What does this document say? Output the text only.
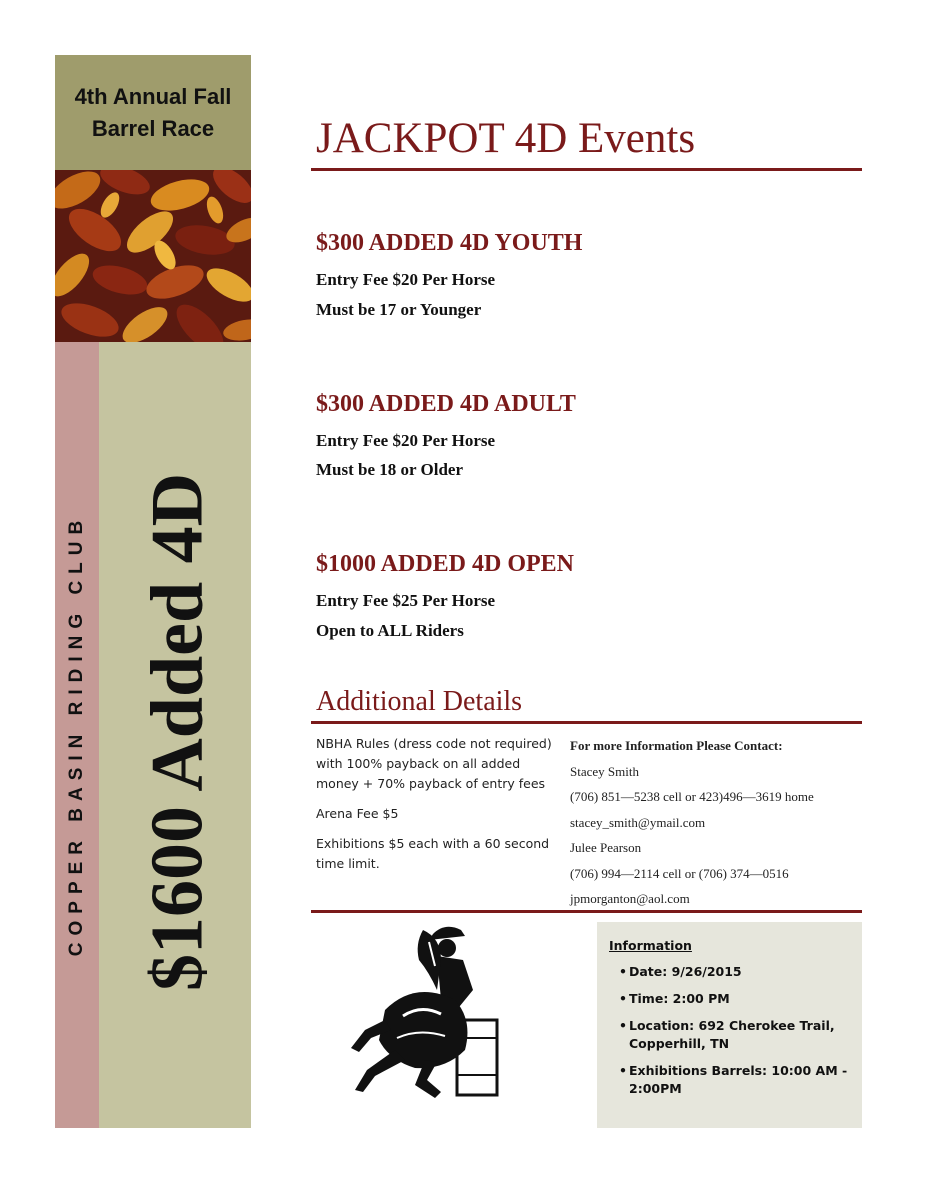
4th Annual Fall
Barrel Race
COPPER BASIN RIDING CLUB $1600 Added 4D
JACKPOT 4D Events
$300 ADDED 4D YOUTH

Entry Fee $20 Per Horse

Must be 17 or Younger

$300 ADDED 4D ADULT

Entry Fee $20 Per Horse

Must be 18 or Older

$1000 ADDED 4D OPEN

Entry Fee $25 Per Horse

Open to ALL Riders

Additional Details

NBHA Rules (dress code not required) with 100% payback on all added money + 70% payback of entry fees

Arena Fee $5

Exhibitions $5 each with a 60 second time limit.

For more Information Please Contact:
Stacey Smith
(706) 851—5238 cell or 423)496—3619 home
stacey_smith@ymail.com
Julee Pearson
(706) 994—2114 cell or (706) 374—0516
jpmorganton@aol.com
Information
• Date: 9/26/2015
• Time: 2:00 PM
• Location: 692 Cherokee Trail, Copperhill, TN
• Exhibitions Barrels: 10:00 AM - 2:00PM
